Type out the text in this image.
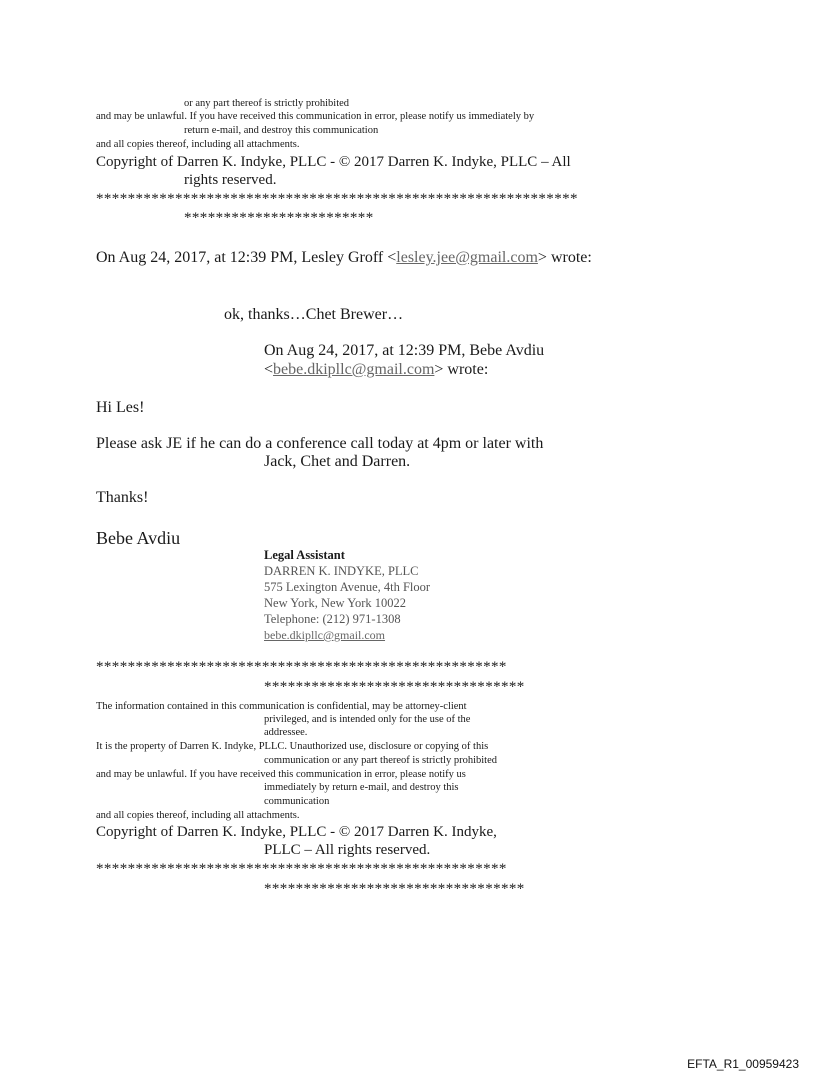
or any part thereof is strictly prohibited
and may be unlawful. If you have received this communication in error, please notify us immediately by
return e-mail, and destroy this communication
and all copies thereof, including all attachments.
Copyright of Darren K. Indyke, PLLC - © 2017 Darren K. Indyke, PLLC – All
rights reserved.
*************************************************************
************************
On Aug 24, 2017, at 12:39 PM, Lesley Groff <lesley.jee@gmail.com> wrote:
ok, thanks…Chet Brewer…
On Aug 24, 2017, at 12:39 PM, Bebe Avdiu
<bebe.dkipllc@gmail.com> wrote:
Hi Les!
Please ask JE if he can do a conference call today at 4pm or later with
Jack, Chet and Darren.
Thanks!
Bebe Avdiu
Legal Assistant
DARREN K. INDYKE, PLLC
575 Lexington Avenue, 4th Floor
New York, New York 10022
Telephone: (212) 971-1308
bebe.dkipllc@gmail.com
****************************************************
*********************************
The information contained in this communication is confidential, may be attorney-client
privileged, and is intended only for the use of the
addressee.
It is the property of Darren K. Indyke, PLLC. Unauthorized use, disclosure or copying of this
communication or any part thereof is strictly prohibited
and may be unlawful. If you have received this communication in error, please notify us
immediately by return e-mail, and destroy this
communication
and all copies thereof, including all attachments.
Copyright of Darren K. Indyke, PLLC - © 2017 Darren K. Indyke,
PLLC – All rights reserved.
****************************************************
*********************************
EFTA_R1_00959423
